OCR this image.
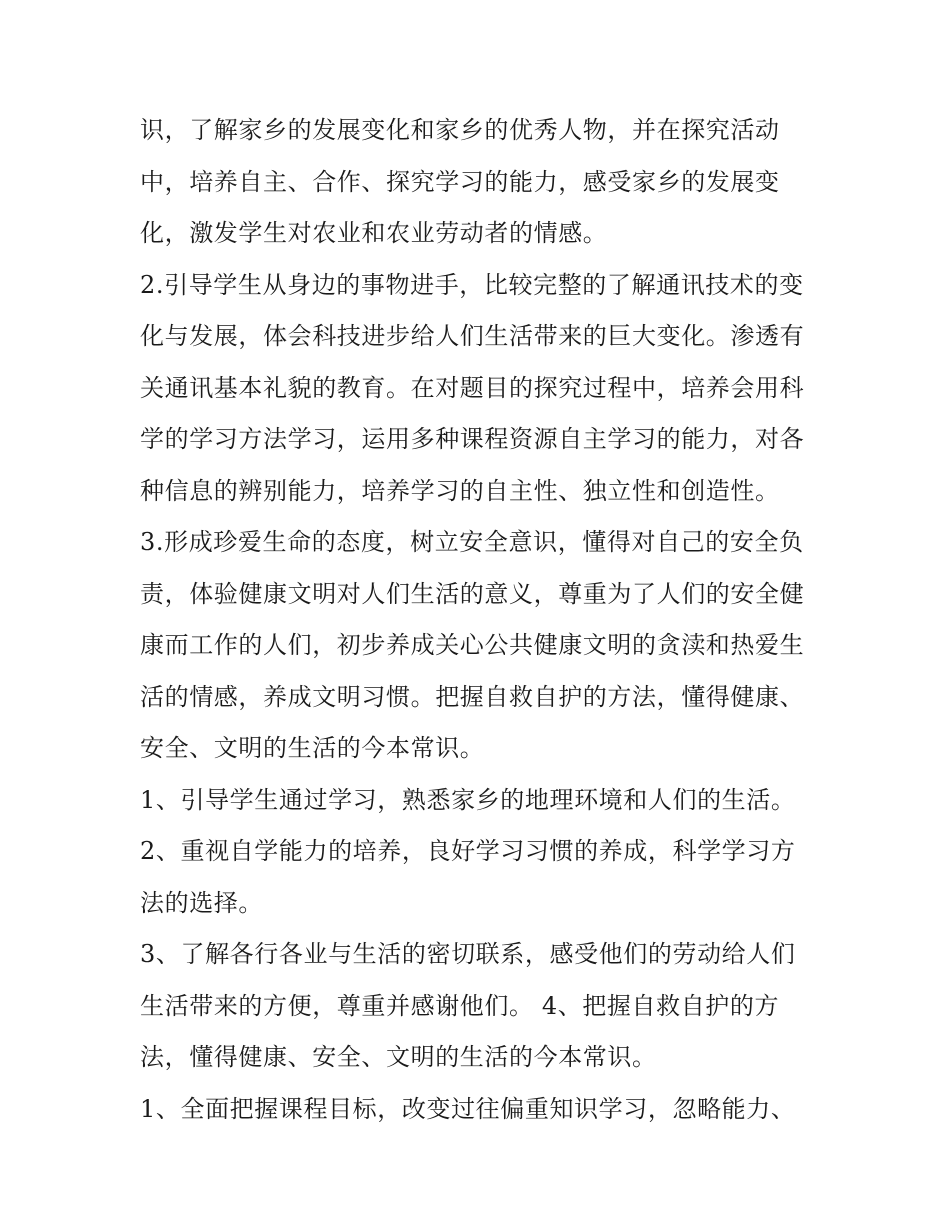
识，了解家乡的发展变化和家乡的优秀人物，并在探究活动
中，培养自主、合作、探究学习的能力，感受家乡的发展变
化，激发学生对农业和农业劳动者的情感。
2.引导学生从身边的事物进手，比较完整的了解通讯技术的变
化与发展，体会科技进步给人们生活带来的巨大变化。渗透有
关通讯基本礼貌的教育。在对题目的探究过程中，培养会用科
学的学习方法学习，运用多种课程资源自主学习的能力，对各
种信息的辨别能力，培养学习的自主性、独立性和创造性。
3.形成珍爱生命的态度，树立安全意识，懂得对自己的安全负
责，体验健康文明对人们生活的意义，尊重为了人们的安全健
康而工作的人们，初步养成关心公共健康文明的贪渎和热爱生
活的情感，养成文明习惯。把握自救自护的方法，懂得健康、
安全、文明的生活的今本常识。
1、引导学生通过学习，熟悉家乡的地理环境和人们的生活。
2、重视自学能力的培养，良好学习习惯的养成，科学学习方
法的选择。
3、了解各行各业与生活的密切联系，感受他们的劳动给人们
生活带来的方便，尊重并感谢他们。 4、把握自救自护的方
法，懂得健康、安全、文明的生活的今本常识。
1、全面把握课程目标，改变过往偏重知识学习，忽略能力、
